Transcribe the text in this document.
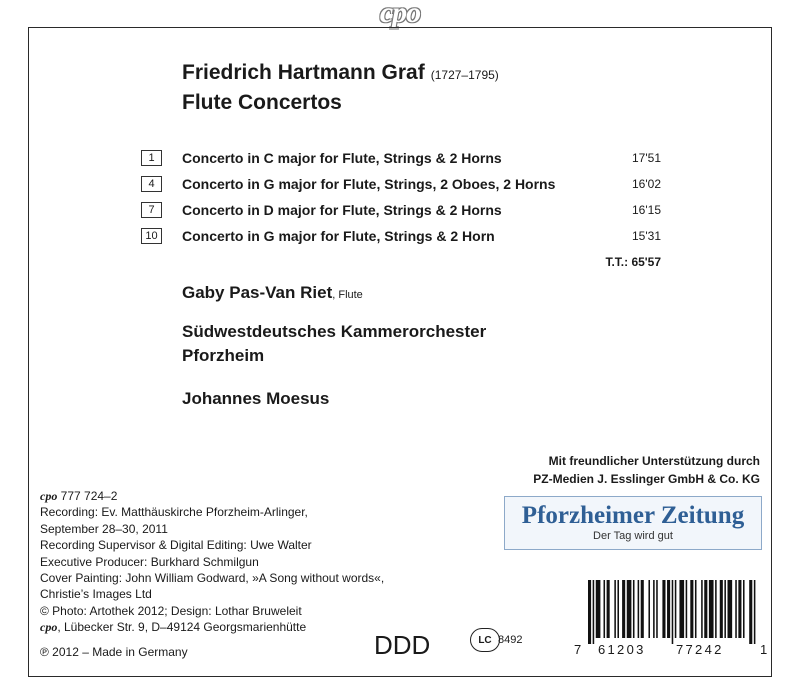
cpo
Friedrich Hartmann Graf (1727–1795)
Flute Concertos
1	Concerto in C major for Flute, Strings & 2 Horns	17'51
4	Concerto in G major for Flute, Strings, 2 Oboes, 2 Horns	16'02
7	Concerto in D major for Flute, Strings & 2 Horns	16'15
10	Concerto in G major for Flute, Strings & 2 Horn	15'31
T.T.: 65'57
Gaby Pas-Van Riet, Flute
Südwestdeutsches Kammerorchester
Pforzheim
Johannes Moesus
Mit freundlicher Unterstützung durch
PZ-Medien J. Esslinger GmbH & Co. KG
Pforzheimer Zeitung
Der Tag wird gut
cpo 777 724–2
Recording: Ev. Matthäuskirche Pforzheim-Arlinger,
September 28–30, 2011
Recording Supervisor & Digital Editing: Uwe Walter
Executive Producer: Burkhard Schmilgun
Cover Painting: John William Godward, »A Song without words«,
Christie’s Images Ltd
© Photo: Artothek 2012; Design: Lothar Bruweleit
cpo, Lübecker Str. 9, D–49124 Georgsmarienhütte
℗ 2012 – Made in Germany	DDD	LC 8492
7 61203 77242	1
